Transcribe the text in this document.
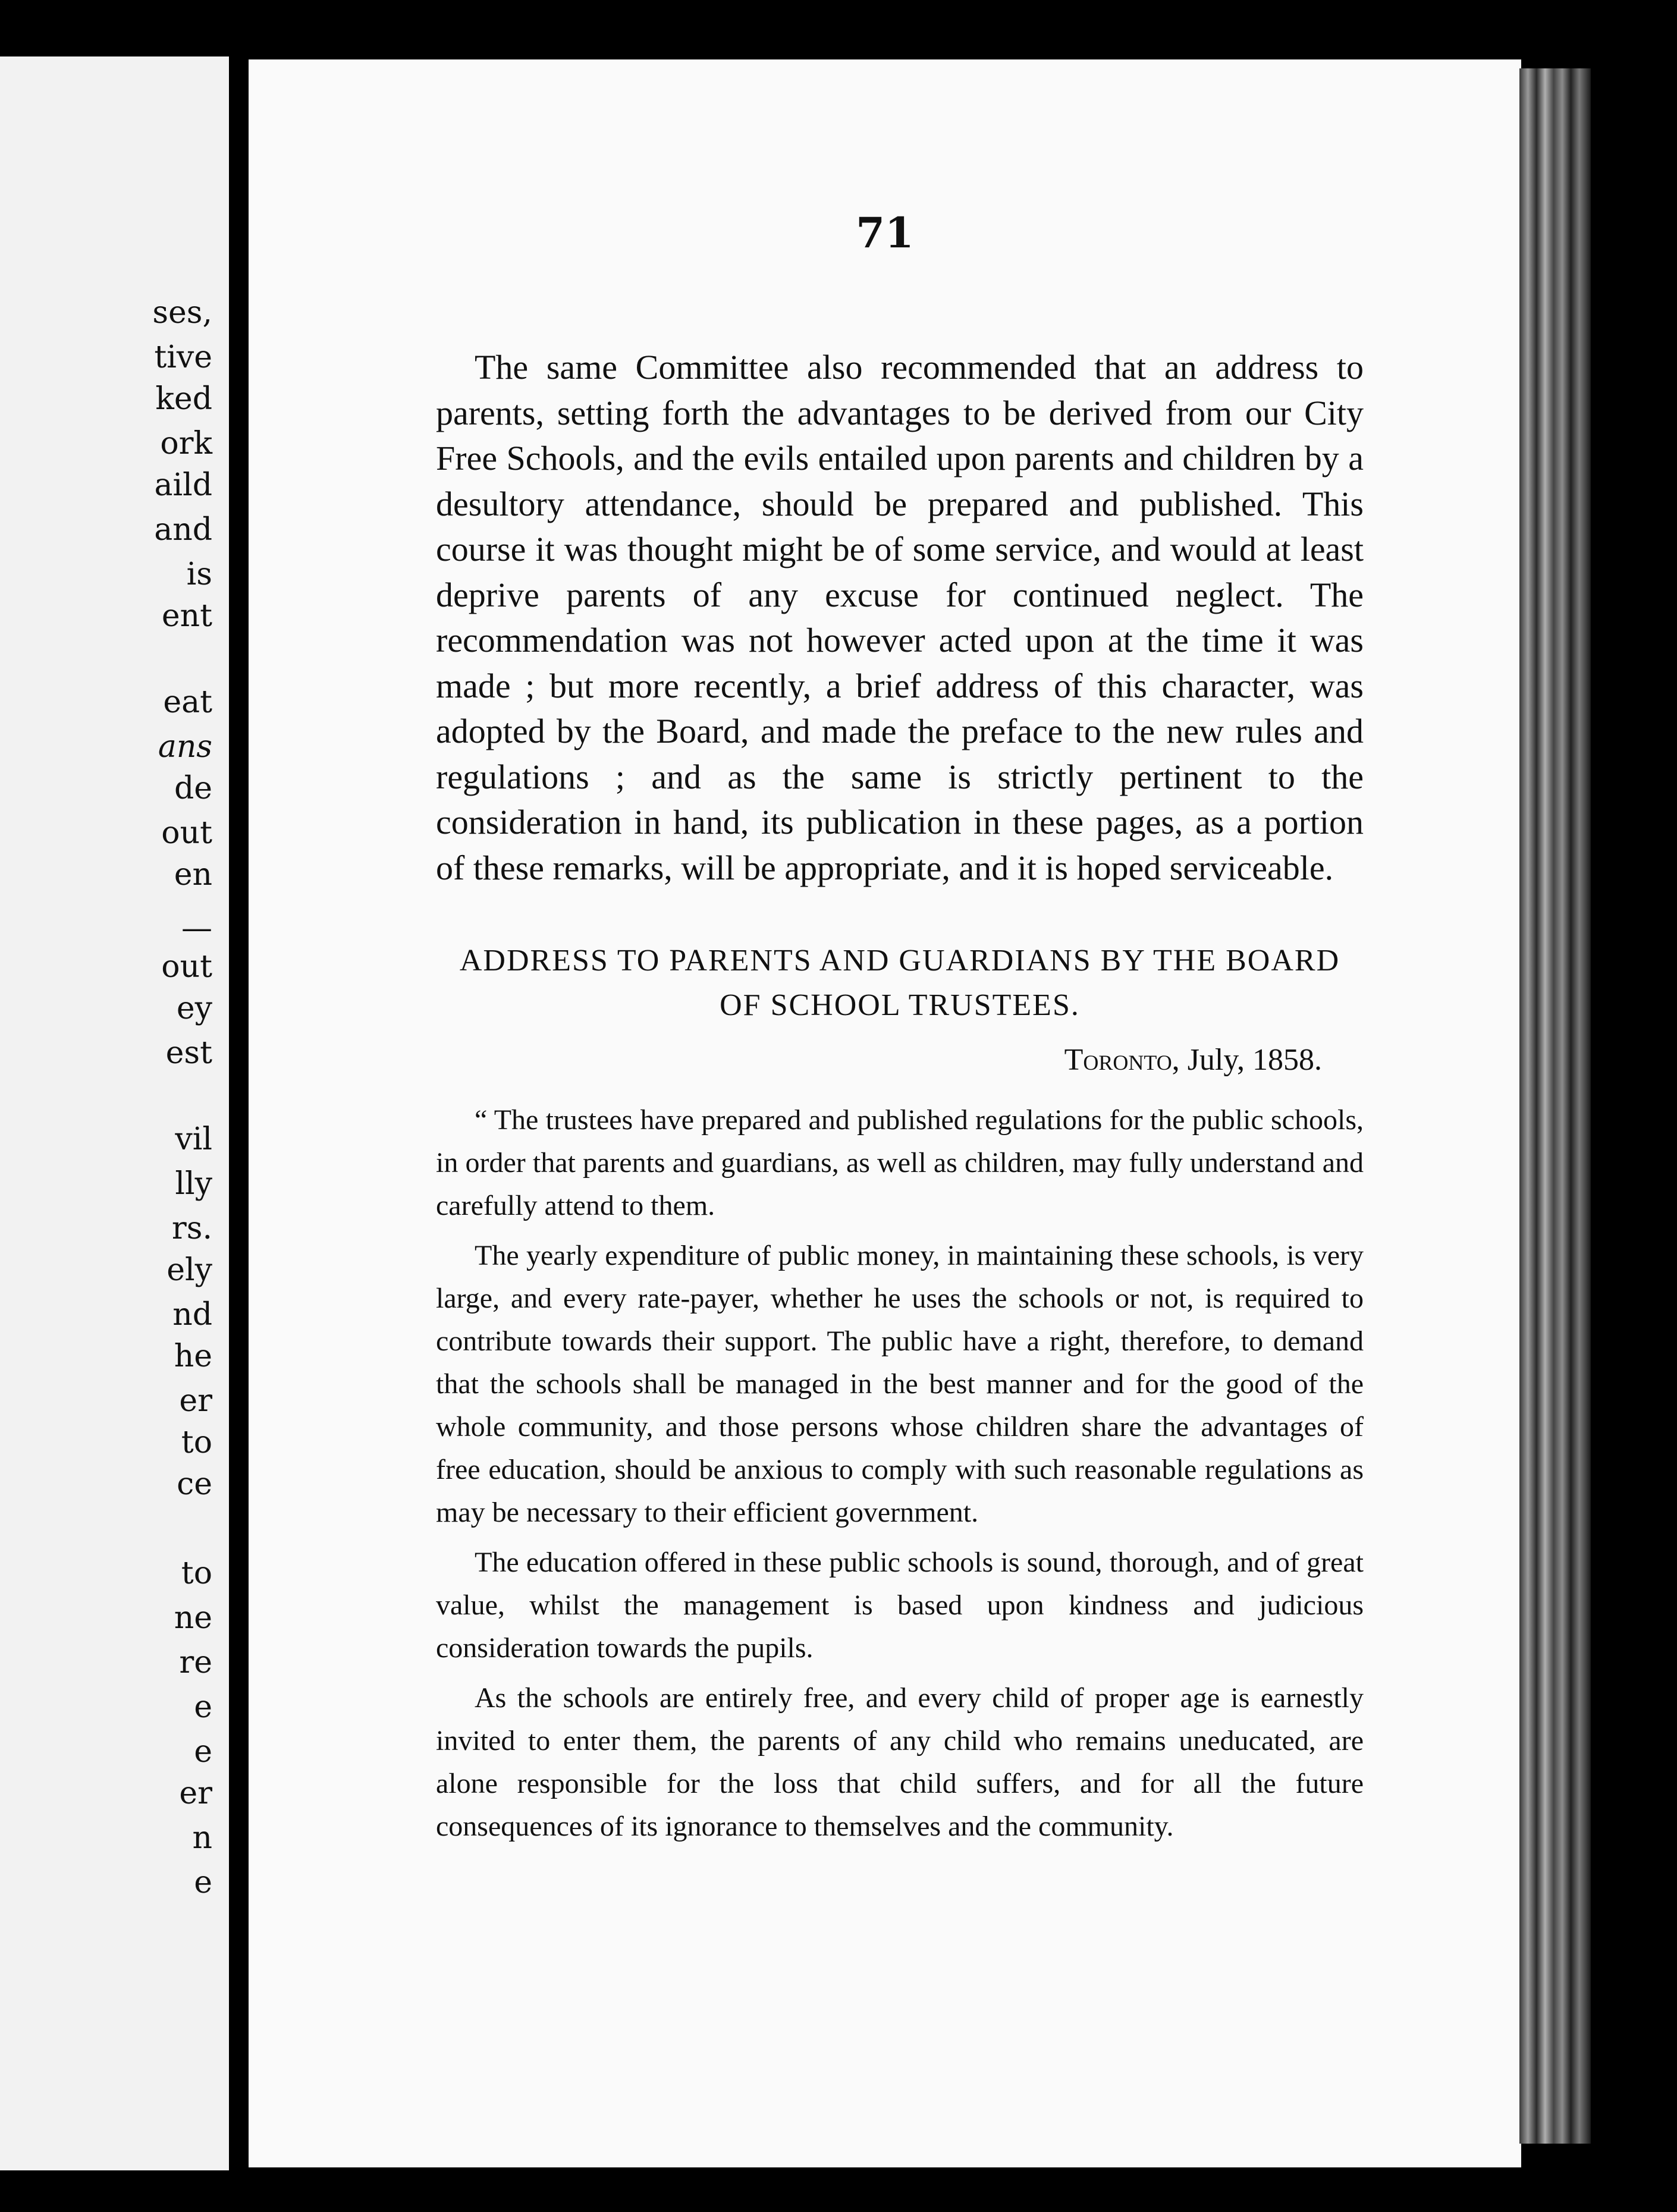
ses,
tive
ked
ork
aild
and
is
ent
eat
ans
de
out
en
—
out
ey
est
vil
lly
rs.
ely
nd
he
er
to
ce
to
ne
re
e
e
er
n
e
71

The same Committee also recommended that an address to parents, setting forth the advantages to be derived from our City Free Schools, and the evils entailed upon parents and children by a desultory attendance, should be prepared and published. This course it was thought might be of some service, and would at least deprive parents of any excuse for continued neglect. The recommendation was not however acted upon at the time it was made ; but more recently, a brief address of this character, was adopted by the Board, and made the preface to the new rules and regulations ; and as the same is strictly pertinent to the consideration in hand, its publication in these pages, as a portion of these remarks, will be appropriate, and it is hoped serviceable.

ADDRESS TO PARENTS AND GUARDIANS BY THE BOARD OF SCHOOL TRUSTEES.
Toronto, July, 1858.

“ The trustees have prepared and published regulations for the public schools, in order that parents and guardians, as well as children, may fully understand and carefully attend to them.

The yearly expenditure of public money, in maintaining these schools, is very large, and every rate-payer, whether he uses the schools or not, is required to contribute towards their support. The public have a right, therefore, to demand that the schools shall be managed in the best manner and for the good of the whole community, and those persons whose children share the advantages of free education, should be anxious to comply with such reasonable regulations as may be necessary to their efficient government.

The education offered in these public schools is sound, thorough, and of great value, whilst the management is based upon kindness and judicious consideration towards the pupils.

As the schools are entirely free, and every child of proper age is earnestly invited to enter them, the parents of any child who remains uneducated, are alone responsible for the loss that child suffers, and for all the future consequences of its ignorance to themselves and the community.
